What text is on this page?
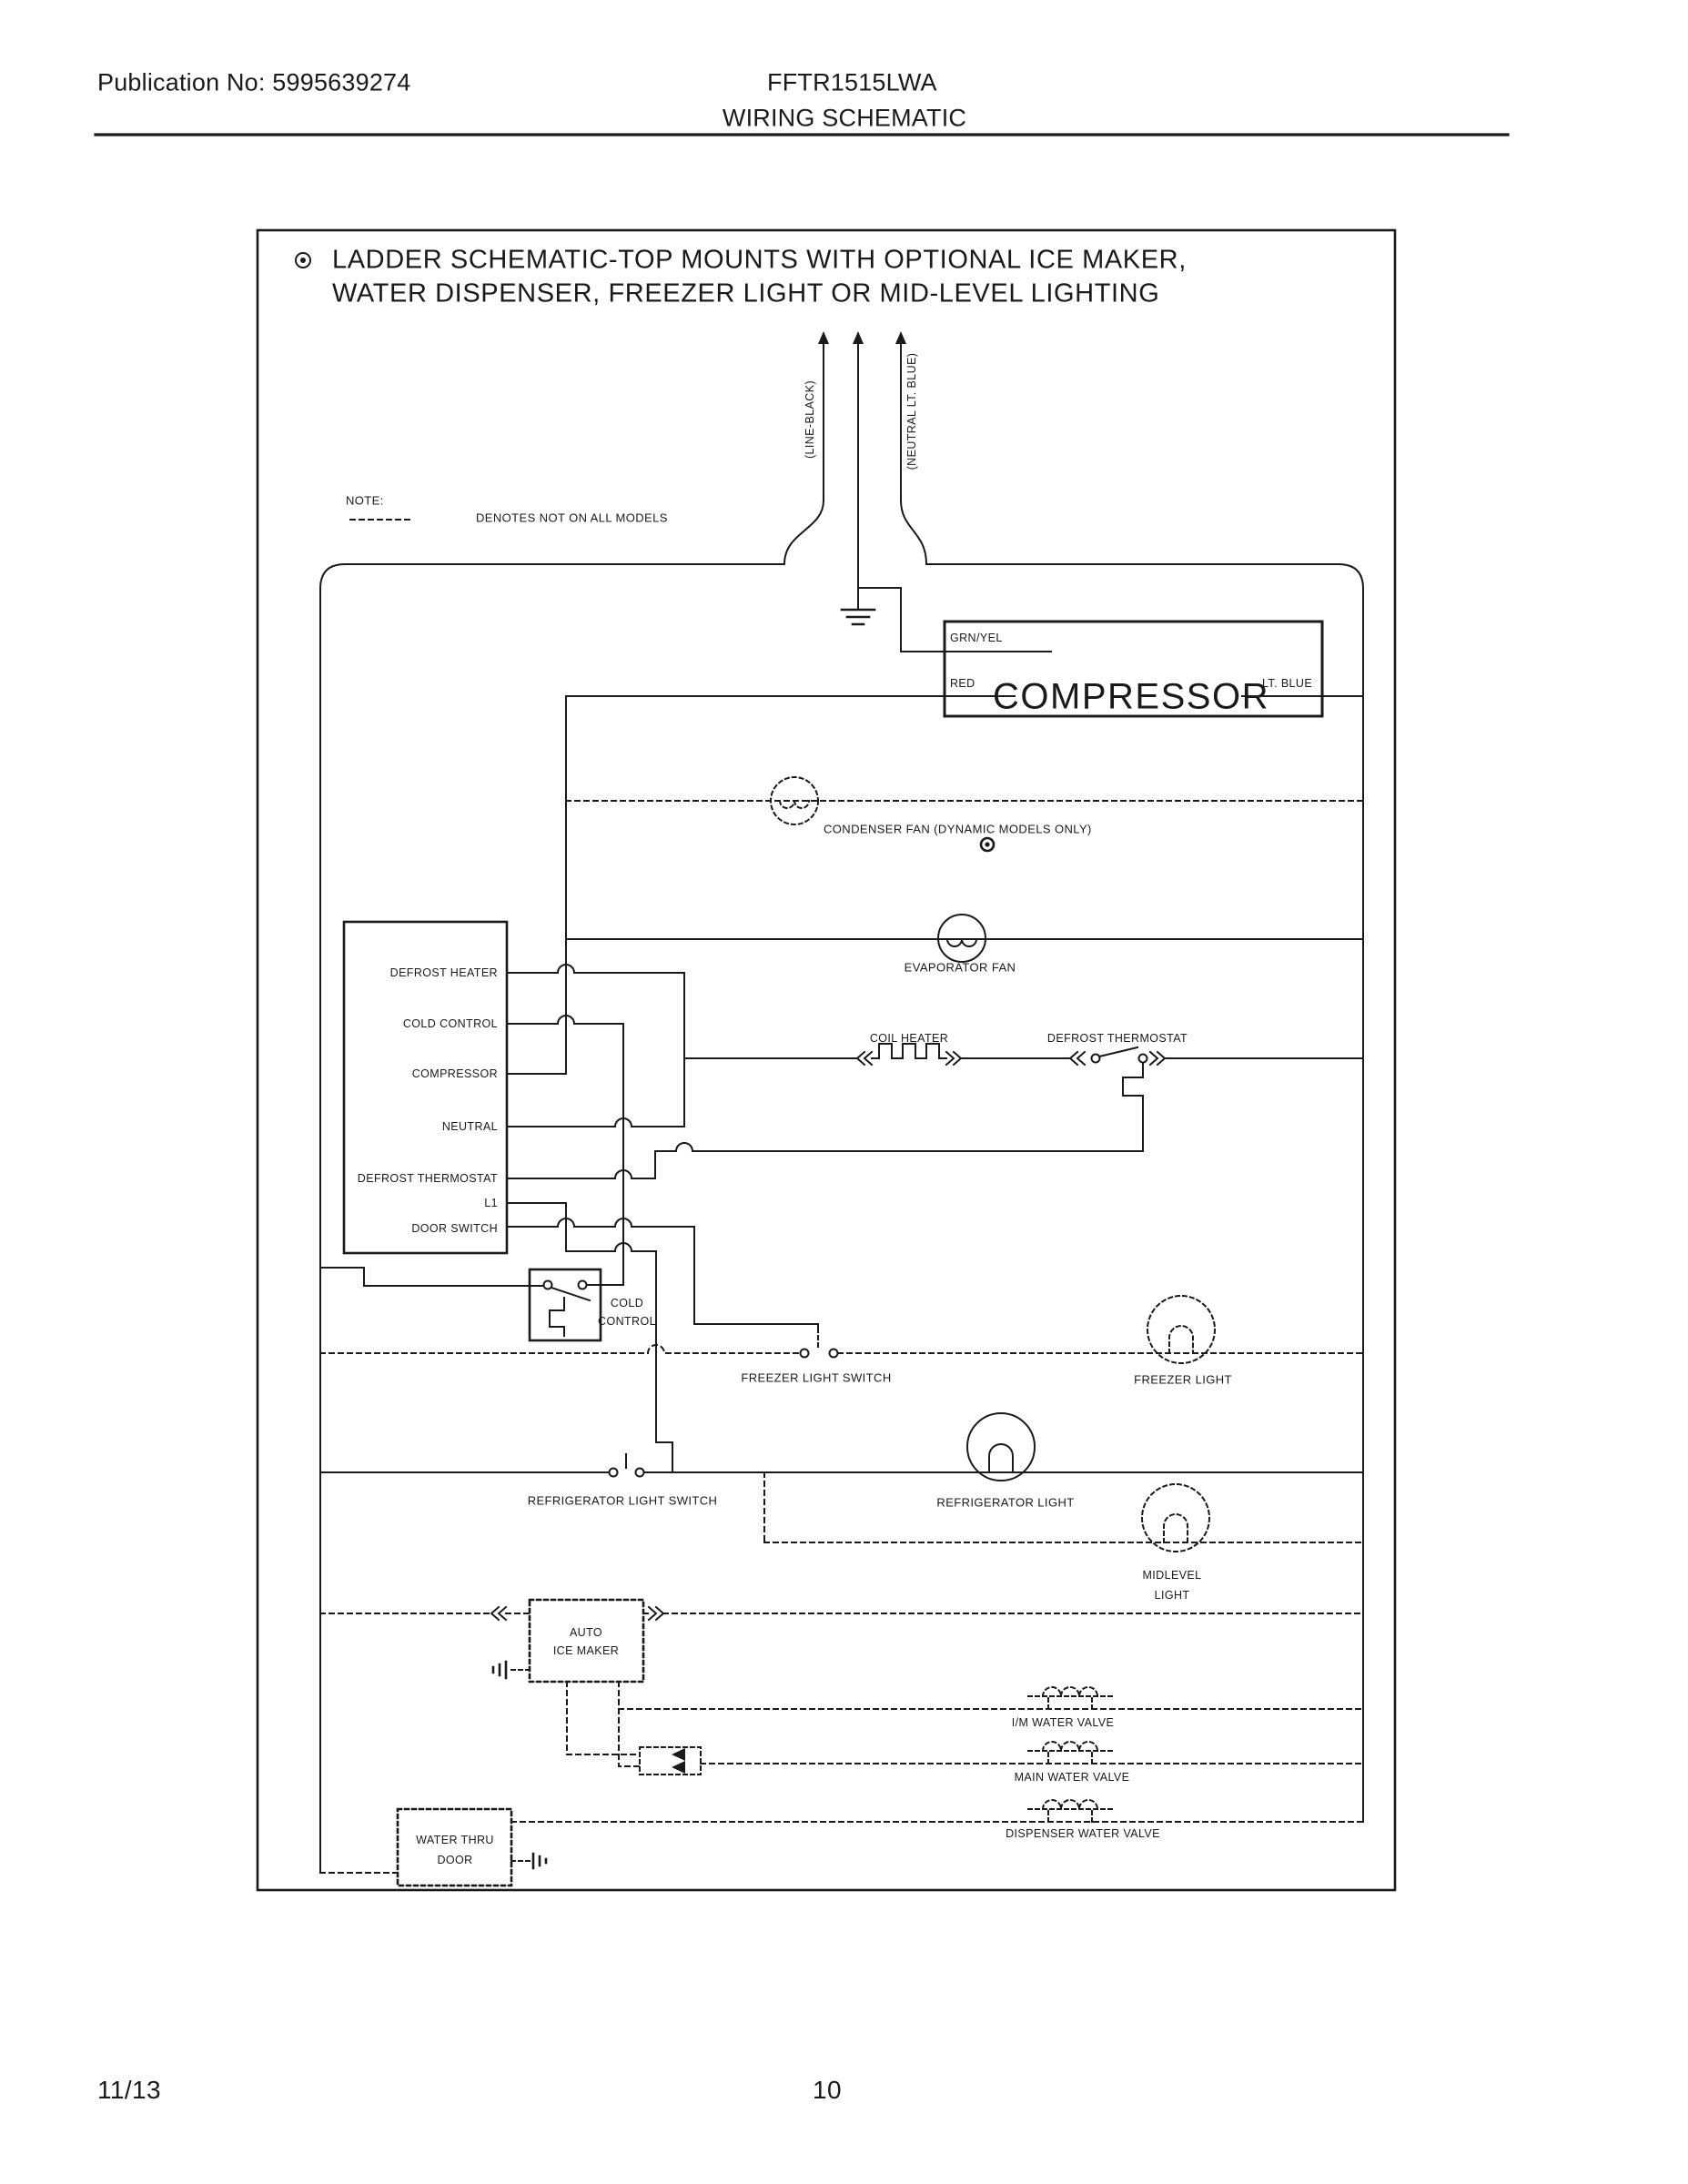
Publication No: 5995639274	FFTR1515LWA
WIRING SCHEMATIC
LADDER SCHEMATIC-TOP MOUNTS WITH OPTIONAL ICE MAKER,
WATER DISPENSER, FREEZER LIGHT OR MID-LEVEL LIGHTING
NOTE:
DENOTES NOT ON ALL MODELS
(LINE-BLACK)	(NEUTRAL LT. BLUE)
GRN/YEL
RED COMPRESSOR
LT. BLUE
CONDENSER FAN (DYNAMIC MODELS ONLY)
EVAPORATOR FAN
DEFROST HEATER
COLD CONTROL
COMPRESSOR
NEUTRAL
DEFROST THERMOSTAT
L1
DOOR SWITCH
COIL HEATER	DEFROST THERMOSTAT
COLD
CONTROL
FREEZER LIGHT SWITCH	FREEZER LIGHT
REFRIGERATOR LIGHT SWITCH	REFRIGERATOR LIGHT
MIDLEVEL
LIGHT
AUTO
ICE MAKER
I/M WATER VALVE
MAIN WATER VALVE
DISPENSER WATER VALVE
WATER THRU
DOOR
11/13	10
